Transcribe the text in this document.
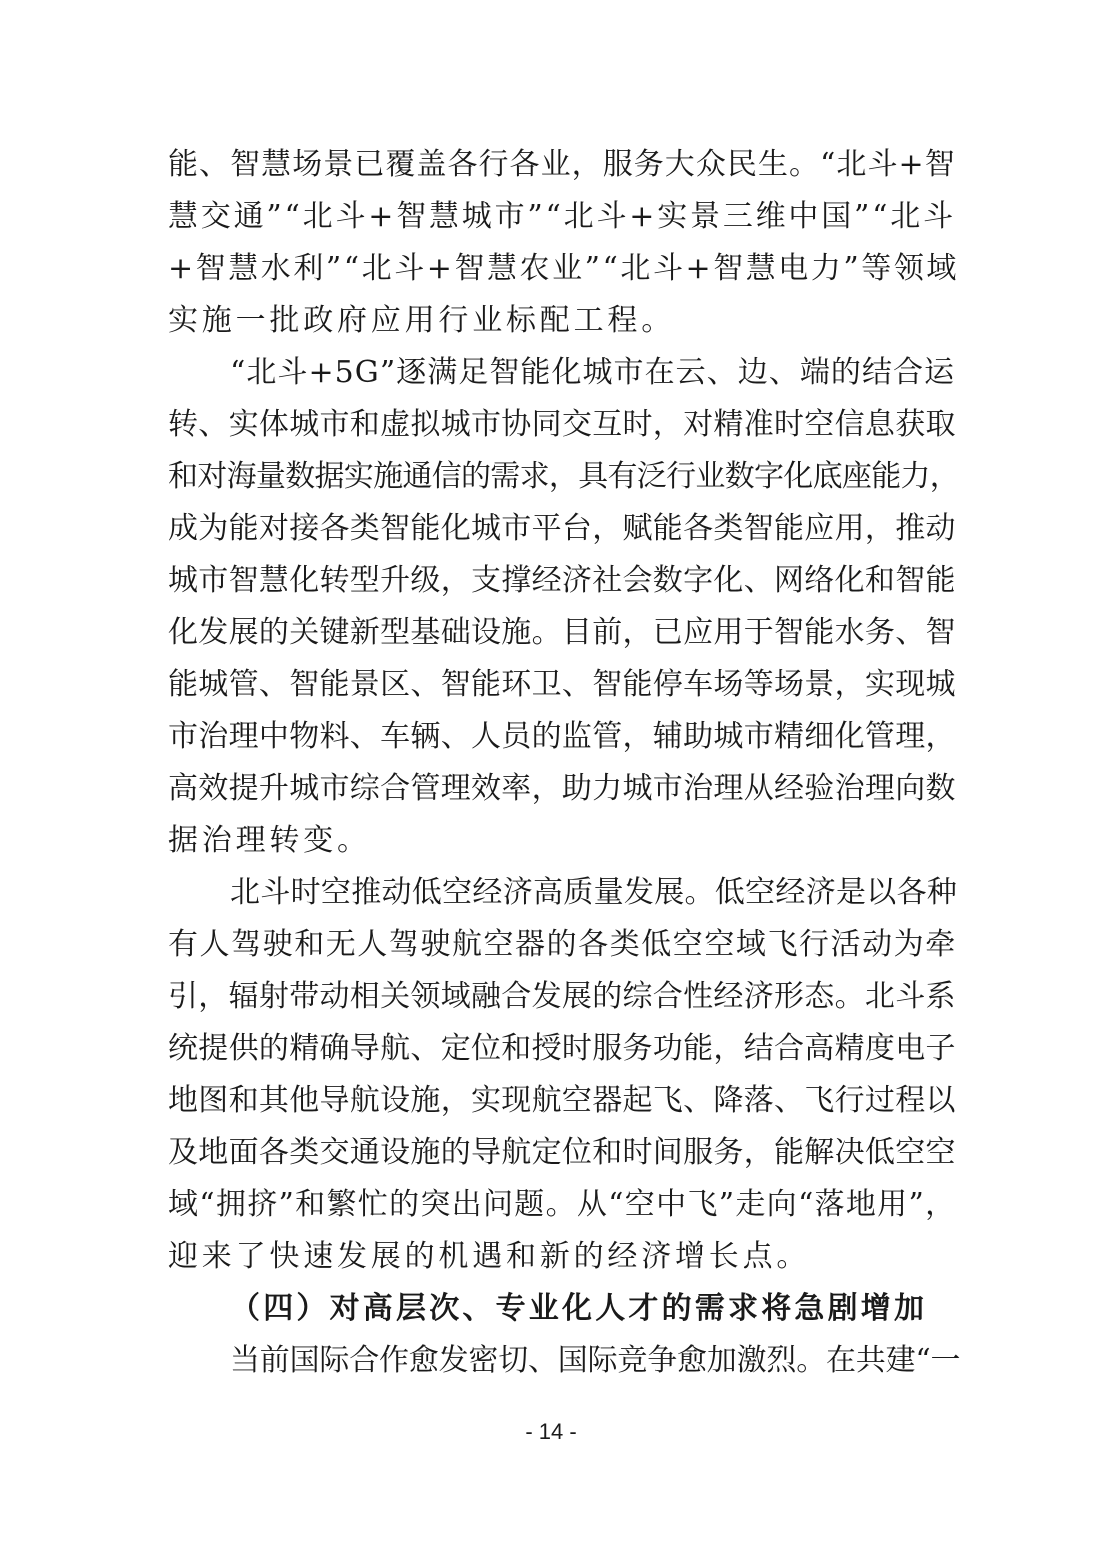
能、智慧场景已覆盖各行各业，服务大众民生。“北斗+智
慧交通”“北斗+智慧城市”“北斗+实景三维中国”“北斗
+智慧水利”“北斗+智慧农业”“北斗+智慧电力”等领域
实施一批政府应用行业标配工程。
“北斗+5G”逐满足智能化城市在云、边、端的结合运
转、实体城市和虚拟城市协同交互时，对精准时空信息获取
和对海量数据实施通信的需求，具有泛行业数字化底座能力，
成为能对接各类智能化城市平台，赋能各类智能应用，推动
城市智慧化转型升级，支撑经济社会数字化、网络化和智能
化发展的关键新型基础设施。目前，已应用于智能水务、智
能城管、智能景区、智能环卫、智能停车场等场景，实现城
市治理中物料、车辆、人员的监管，辅助城市精细化管理，
高效提升城市综合管理效率，助力城市治理从经验治理向数
据治理转变。
北斗时空推动低空经济高质量发展。低空经济是以各种
有人驾驶和无人驾驶航空器的各类低空空域飞行活动为牵
引，辐射带动相关领域融合发展的综合性经济形态。北斗系
统提供的精确导航、定位和授时服务功能，结合高精度电子
地图和其他导航设施，实现航空器起飞、降落、飞行过程以
及地面各类交通设施的导航定位和时间服务，能解决低空空
域“拥挤”和繁忙的突出问题。从“空中飞”走向“落地用”，
迎来了快速发展的机遇和新的经济增长点。
（四）对高层次、专业化人才的需求将急剧增加
当前国际合作愈发密切、国际竞争愈加激烈。在共建“一
- 14 -
